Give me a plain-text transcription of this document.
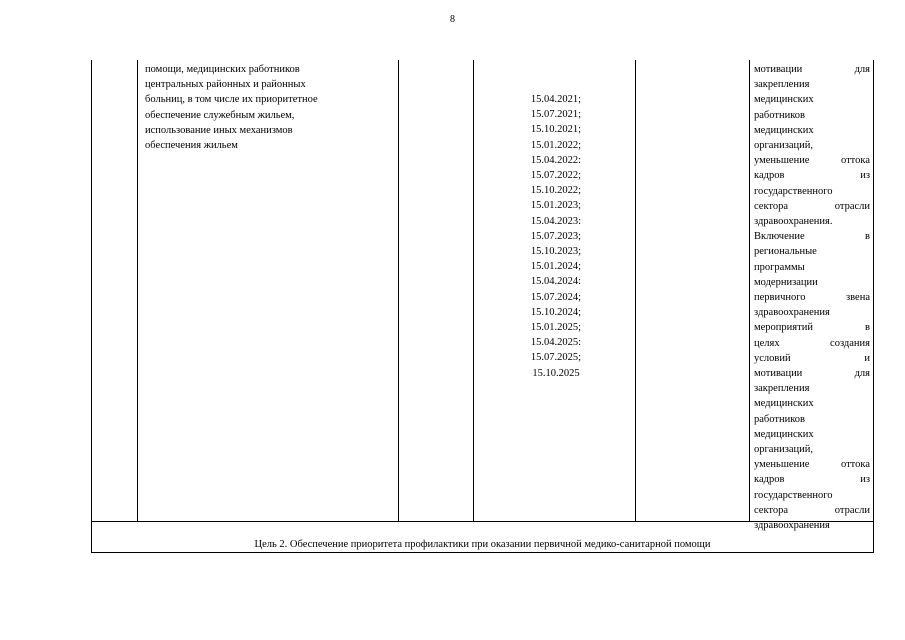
8
помощи, медицинских работников
центральных районных и районных
больниц, в том числе их приоритетное
обеспечение служебным жильем,
использование иных механизмов
обеспечения жильем
15.04.2021;
15.07.2021;
15.10.2021;
15.01.2022;
15.04.2022:
15.07.2022;
15.10.2022;
15.01.2023;
15.04.2023:
15.07.2023;
15.10.2023;
15.01.2024;
15.04.2024:
15.07.2024;
15.10.2024;
15.01.2025;
15.04.2025:
15.07.2025;
15.10.2025
мотивации для
закрепления
медицинских
работников
медицинских
организаций,
уменьшение оттока
кадров из
государственного
сектора отрасли
здравоохранения.
Включение в
региональные
программы
модернизации
первичного звена
здравоохранения
мероприятий в
целях создания
условий и
мотивации для
закрепления
медицинских
работников
медицинских
организаций,
уменьшение оттока
кадров из
государственного
сектора отрасли
здравоохранения
Цель 2. Обеспечение приоритета профилактики при оказании первичной медико-санитарной помощи
